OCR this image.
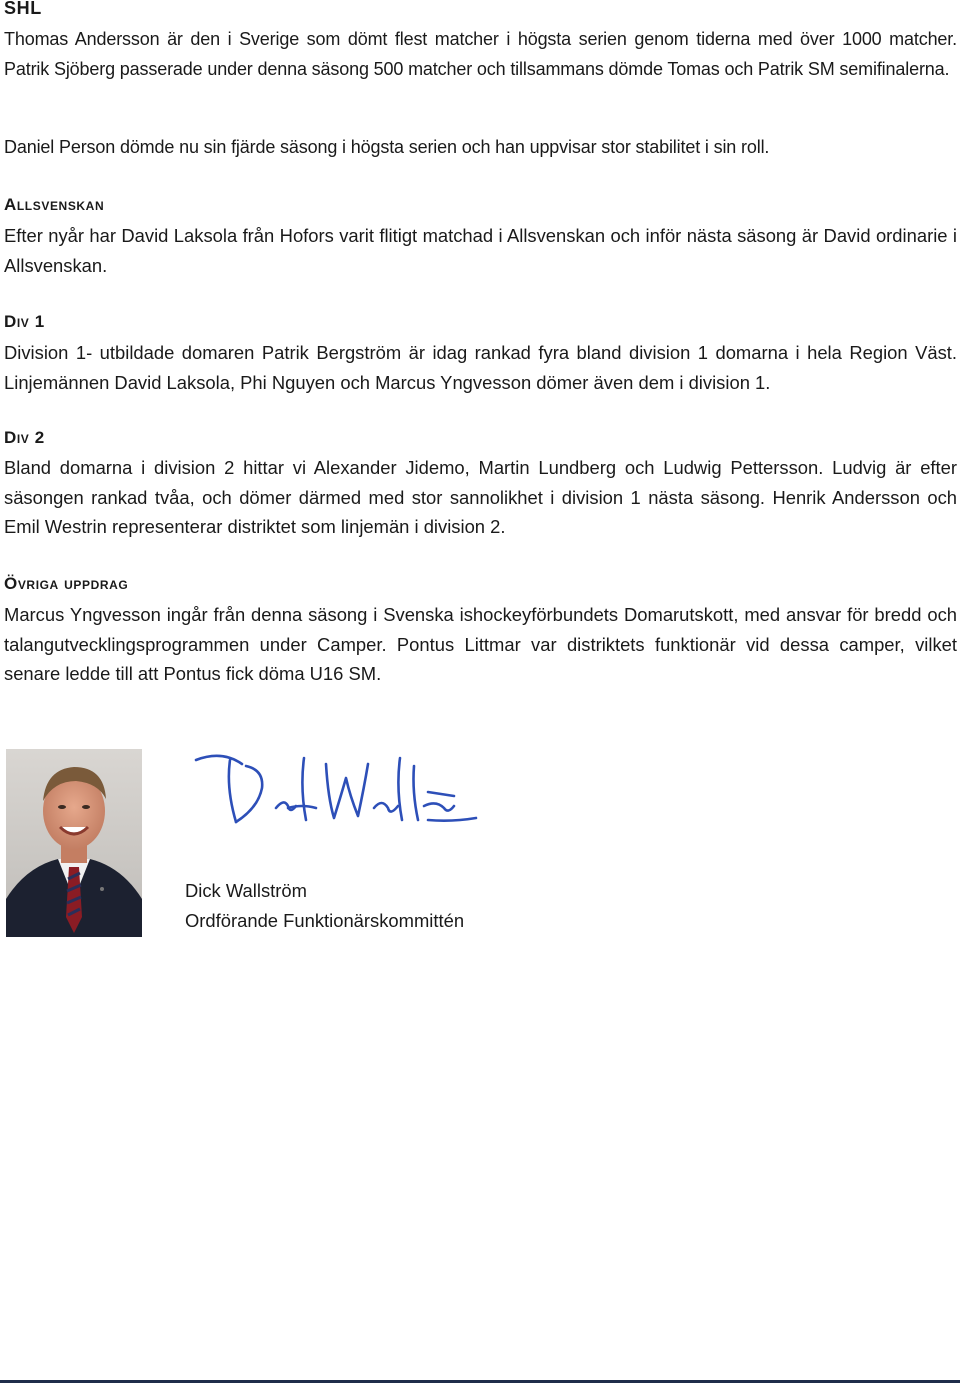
SHL

Thomas Andersson är den i Sverige som dömt flest matcher i högsta serien genom tiderna med över 1000 matcher. Patrik Sjöberg passerade under denna säsong 500 matcher och tillsammans dömde Tomas och Patrik SM semifinalerna.

Daniel Person dömde nu sin fjärde säsong i högsta serien och han uppvisar stor stabilitet i sin roll.

Allsvenskan

Efter nyår har David Laksola från Hofors varit flitigt matchad i Allsvenskan och inför nästa säsong är David ordinarie i Allsvenskan.

Div 1

Division 1- utbildade domaren Patrik Bergström är idag rankad fyra bland division 1 domarna i hela Region Väst. Linjemännen David Laksola, Phi Nguyen och Marcus Yngvesson dömer även dem i division 1.

Div 2

Bland domarna i division 2 hittar vi Alexander Jidemo, Martin Lundberg och Ludwig Pettersson. Ludvig är efter säsongen rankad tvåa, och dömer därmed med stor sannolikhet i division 1 nästa säsong. Henrik Andersson och Emil Westrin representerar distriktet som linjemän i division 2.

Övriga uppdrag

Marcus Yngvesson ingår från denna säsong i Svenska ishockeyförbundets Domarutskott, med ansvar för bredd och talangutvecklingsprogrammen under Camper. Pontus Littmar var distriktets funktionär vid dessa camper, vilket senare ledde till att Pontus fick döma U16 SM.

Dick Wallström

Ordförande Funktionärskommittén
